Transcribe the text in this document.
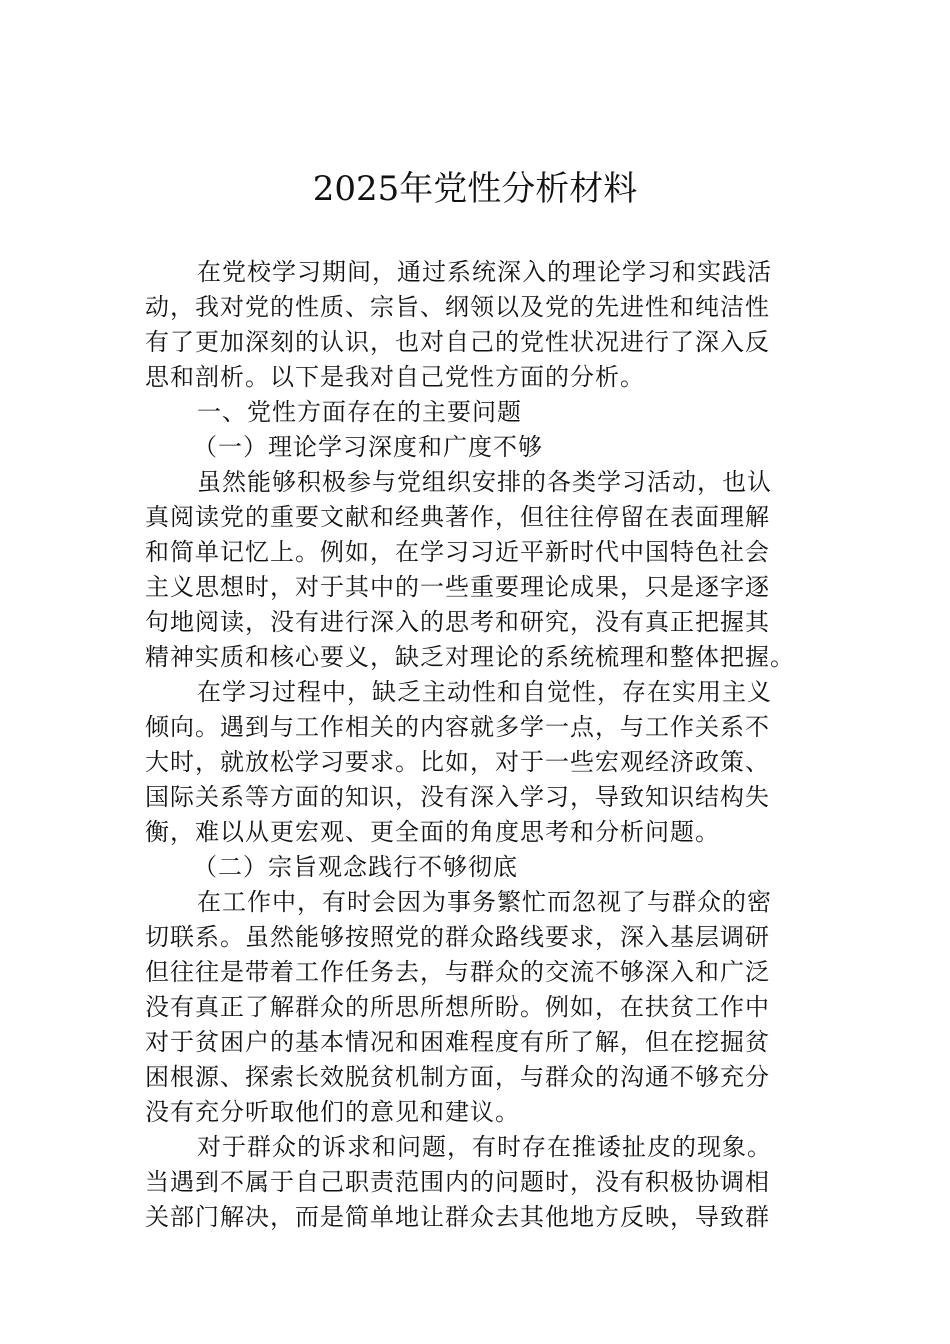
2025年党性分析材料
在党校学习期间，通过系统深入的理论学习和实践活
动，我对党的性质、宗旨、纲领以及党的先进性和纯洁性
有了更加深刻的认识，也对自己的党性状况进行了深入反
思和剖析。以下是我对自己党性方面的分析。
一、党性方面存在的主要问题
（一）理论学习深度和广度不够
虽然能够积极参与党组织安排的各类学习活动，也认
真阅读党的重要文献和经典著作，但往往停留在表面理解
和简单记忆上。例如，在学习习近平新时代中国特色社会
主义思想时，对于其中的一些重要理论成果，只是逐字逐
句地阅读，没有进行深入的思考和研究，没有真正把握其
精神实质和核心要义，缺乏对理论的系统梳理和整体把握。
在学习过程中，缺乏主动性和自觉性，存在实用主义
倾向。遇到与工作相关的内容就多学一点，与工作关系不
大时，就放松学习要求。比如，对于一些宏观经济政策、
国际关系等方面的知识，没有深入学习，导致知识结构失
衡，难以从更宏观、更全面的角度思考和分析问题。
（二）宗旨观念践行不够彻底
在工作中，有时会因为事务繁忙而忽视了与群众的密
切联系。虽然能够按照党的群众路线要求，深入基层调研
但往往是带着工作任务去，与群众的交流不够深入和广泛
没有真正了解群众的所思所想所盼。例如，在扶贫工作中
对于贫困户的基本情况和困难程度有所了解，但在挖掘贫
困根源、探索长效脱贫机制方面，与群众的沟通不够充分
没有充分听取他们的意见和建议。
对于群众的诉求和问题，有时存在推诿扯皮的现象。
当遇到不属于自己职责范围内的问题时，没有积极协调相
关部门解决，而是简单地让群众去其他地方反映，导致群
